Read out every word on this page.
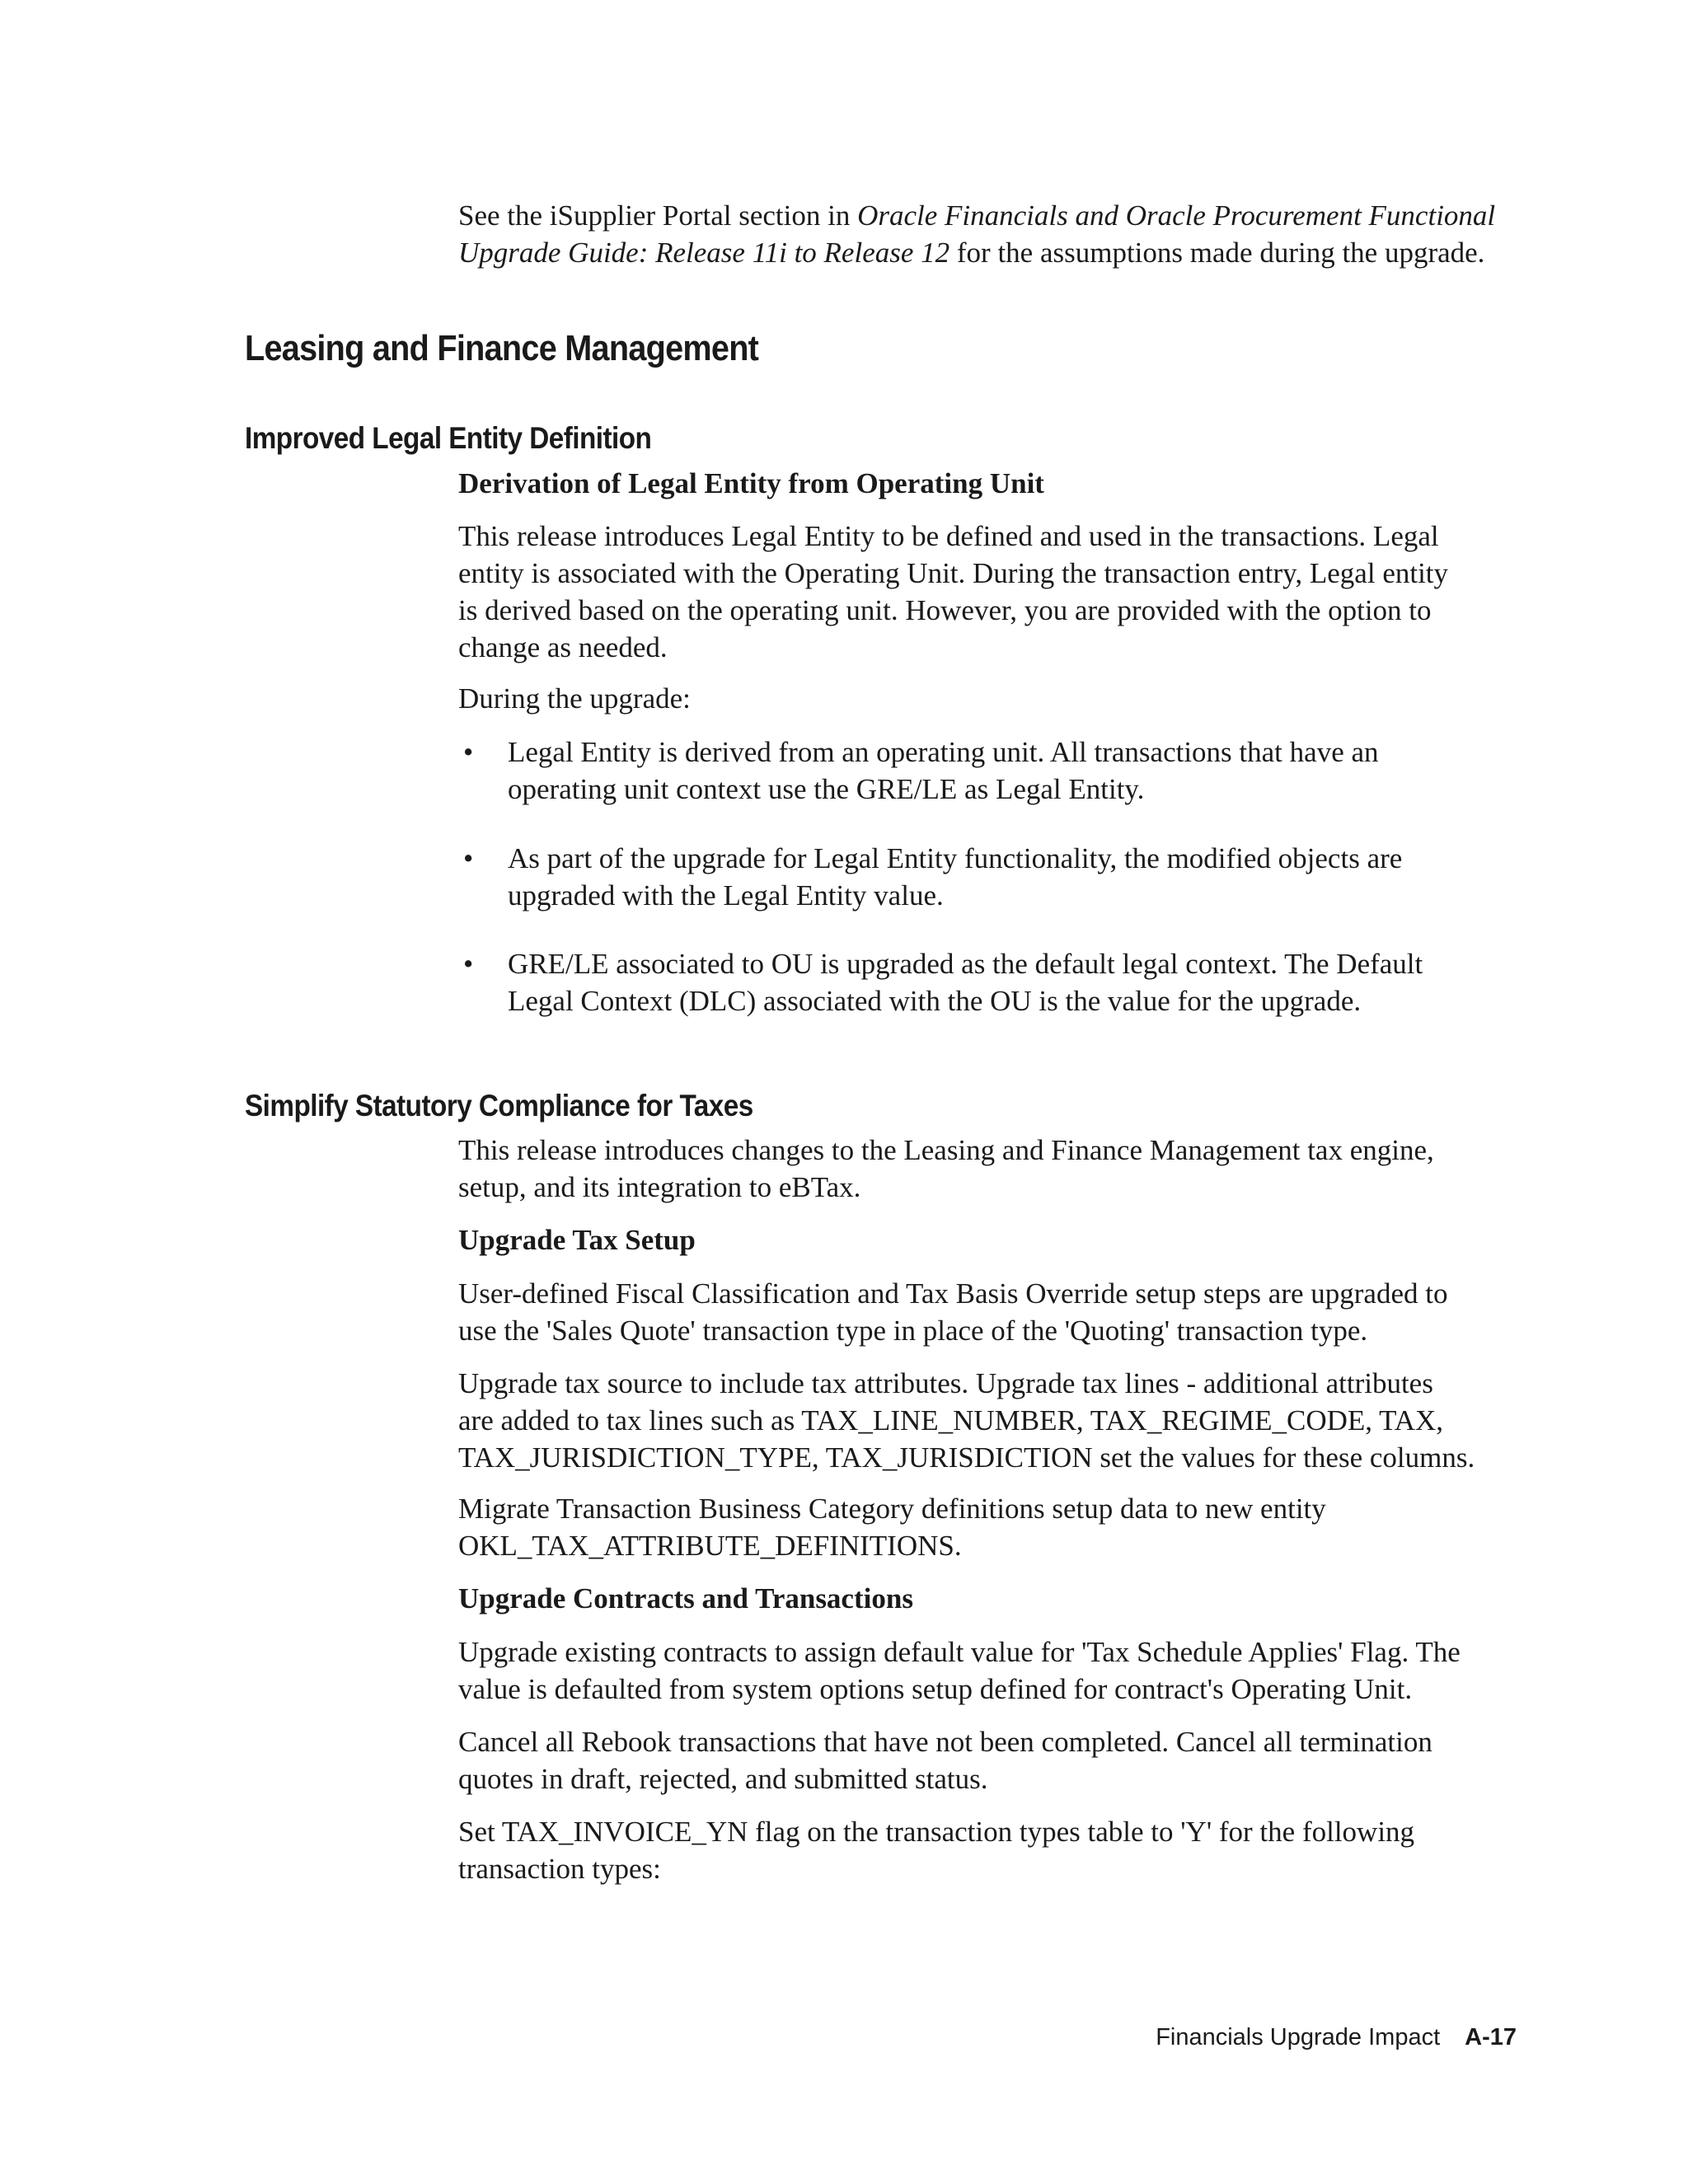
See the iSupplier Portal section in Oracle Financials and Oracle Procurement Functional
Upgrade Guide: Release 11i to Release 12 for the assumptions made during the upgrade.

Leasing and Finance Management
Improved Legal Entity Definition

Derivation of Legal Entity from Operating Unit

This release introduces Legal Entity to be defined and used in the transactions. Legal
entity is associated with the Operating Unit. During the transaction entry, Legal entity
is derived based on the operating unit. However, you are provided with the option to
change as needed.

During the upgrade:

• Legal Entity is derived from an operating unit. All transactions that have an
operating unit context use the GRE/LE as Legal Entity.
• As part of the upgrade for Legal Entity functionality, the modified objects are
upgraded with the Legal Entity value.
• GRE/LE associated to OU is upgraded as the default legal context. The Default
Legal Context (DLC) associated with the OU is the value for the upgrade.
Simplify Statutory Compliance for Taxes

This release introduces changes to the Leasing and Finance Management tax engine,
setup, and its integration to eBTax.

Upgrade Tax Setup

User-defined Fiscal Classification and Tax Basis Override setup steps are upgraded to
use the 'Sales Quote' transaction type in place of the 'Quoting' transaction type.

Upgrade tax source to include tax attributes. Upgrade tax lines - additional attributes
are added to tax lines such as TAX_LINE_NUMBER, TAX_REGIME_CODE, TAX,
TAX_JURISDICTION_TYPE, TAX_JURISDICTION set the values for these columns.

Migrate Transaction Business Category definitions setup data to new entity
OKL_TAX_ATTRIBUTE_DEFINITIONS.

Upgrade Contracts and Transactions

Upgrade existing contracts to assign default value for 'Tax Schedule Applies' Flag. The
value is defaulted from system options setup defined for contract's Operating Unit.

Cancel all Rebook transactions that have not been completed. Cancel all termination
quotes in draft, rejected, and submitted status.

Set TAX_INVOICE_YN flag on the transaction types table to 'Y' for the following
transaction types:

Financials Upgrade Impact A-17
